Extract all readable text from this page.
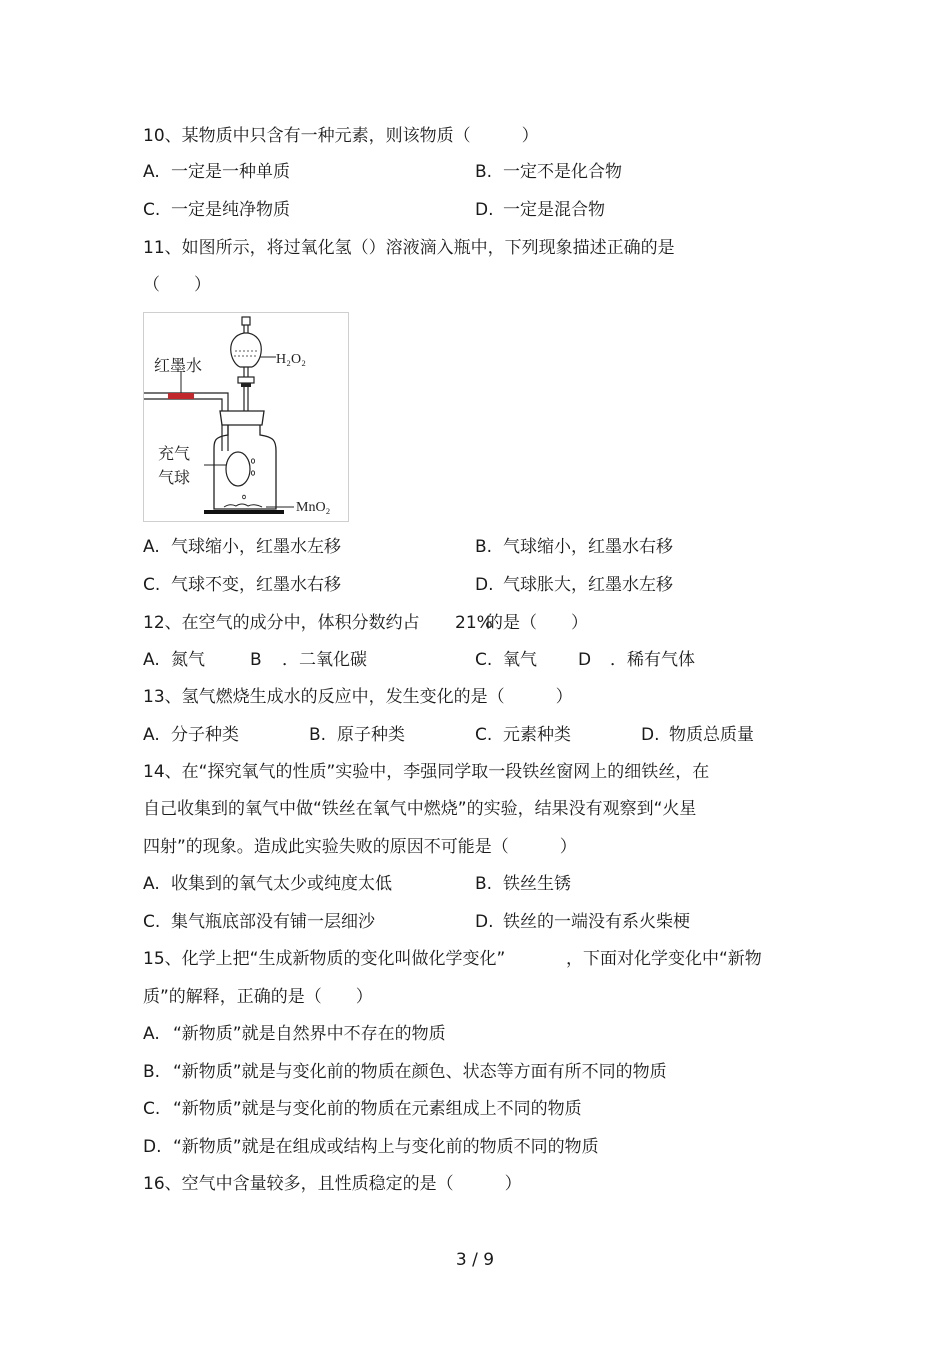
10、某物质中只含有一种元素，则该物质（　　　）
A. 一定是一种单质	B. 一定不是化合物
C. 一定是纯净物质	D. 一定是混合物
11、如图所示，将过氧化氢（）溶液滴入瓶中，下列现象描述正确的是
（　　）
H₂O₂
红墨水
充气
气球
MnO₂
A. 气球缩小，红墨水左移	B. 气球缩小，红墨水右移
C. 气球不变，红墨水右移	D. 气球胀大，红墨水左移
12、在空气的成分中，体积分数约占 21%
的是（　　）
A. 氮气	B ．二氧化碳	C. 氧气 D ．稀有气体
13、氢气燃烧生成水的反应中，发生变化的是（　　　）
A. 分子种类	B. 原子种类	C. 元素种类	D. 物质总质量
14、在“探究氧气的性质”实验中，李强同学取一段铁丝窗网上的细铁丝，在
自己收集到的氧气中做“铁丝在氧气中燃烧”的实验，结果没有观察到“火星
四射”的现象。造成此实验失败的原因不可能是（　　　）
A. 收集到的氧气太少或纯度太低	B. 铁丝生锈
C. 集气瓶底部没有铺一层细沙	D. 铁丝的一端没有系火柴梗
15、化学上把“生成新物质的变化叫做化学变化”	，下面对化学变化中“新物
质”的解释，正确的是（　　）
A. “新物质”就是自然界中不存在的物质
B. “新物质”就是与变化前的物质在颜色、状态等方面有所不同的物质
C. “新物质”就是与变化前的物质在元素组成上不同的物质
D. “新物质”就是在组成或结构上与变化前的物质不同的物质
16、空气中含量较多，且性质稳定的是（　　　）
3 / 9
